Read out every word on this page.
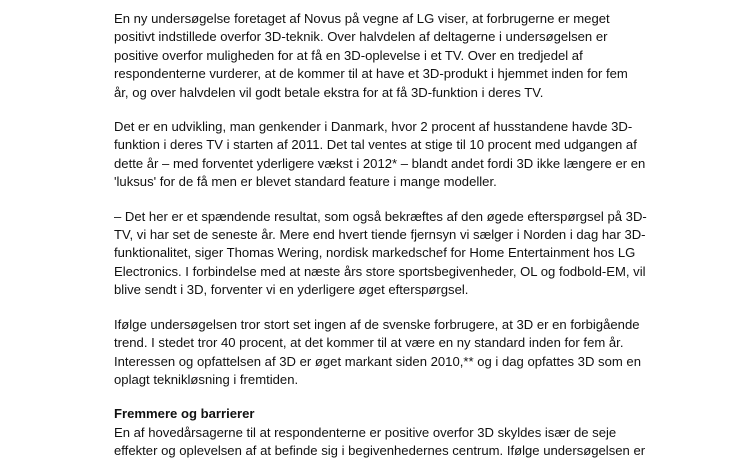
En ny undersøgelse foretaget af Novus på vegne af LG viser, at forbrugerne er meget
positivt indstillede overfor 3D-teknik. Over halvdelen af deltagerne i undersøgelsen er
positive overfor muligheden for at få en 3D-oplevelse i et TV. Over en tredjedel af
respondenterne vurderer, at de kommer til at have et 3D-produkt i hjemmet inden for fem
år, og over halvdelen vil godt betale ekstra for at få 3D-funktion i deres TV.
Det er en udvikling, man genkender i Danmark, hvor 2 procent af husstandene havde 3D-
funktion i deres TV i starten af 2011. Det tal ventes at stige til 10 procent med udgangen af
dette år – med forventet yderligere vækst i 2012* – blandt andet fordi 3D ikke længere er en
'luksus' for de få men er blevet standard feature i mange modeller.
– Det her er et spændende resultat, som også bekræftes af den øgede efterspørgsel på 3D-
TV, vi har set de seneste år. Mere end hvert tiende fjernsyn vi sælger i Norden i dag har 3D-
funktionalitet, siger Thomas Wering, nordisk markedschef for Home Entertainment hos LG
Electronics. I forbindelse med at næste års store sportsbegivenheder, OL og fodbold-EM, vil
blive sendt i 3D, forventer vi en yderligere øget efterspørgsel.
Ifølge undersøgelsen tror stort set ingen af de svenske forbrugere, at 3D er en forbigående
trend. I stedet tror 40 procent, at det kommer til at være en ny standard inden for fem år.
Interessen og opfattelsen af 3D er øget markant siden 2010,** og i dag opfattes 3D som en
oplagt teknikløsning i fremtiden.
Fremmere og barrierer
En af hovedårsagerne til at respondenterne er positive overfor 3D skyldes især de seje
effekter og oplevelsen af at befinde sig i begivenhedernes centrum. Ifølge undersøgelsen er
